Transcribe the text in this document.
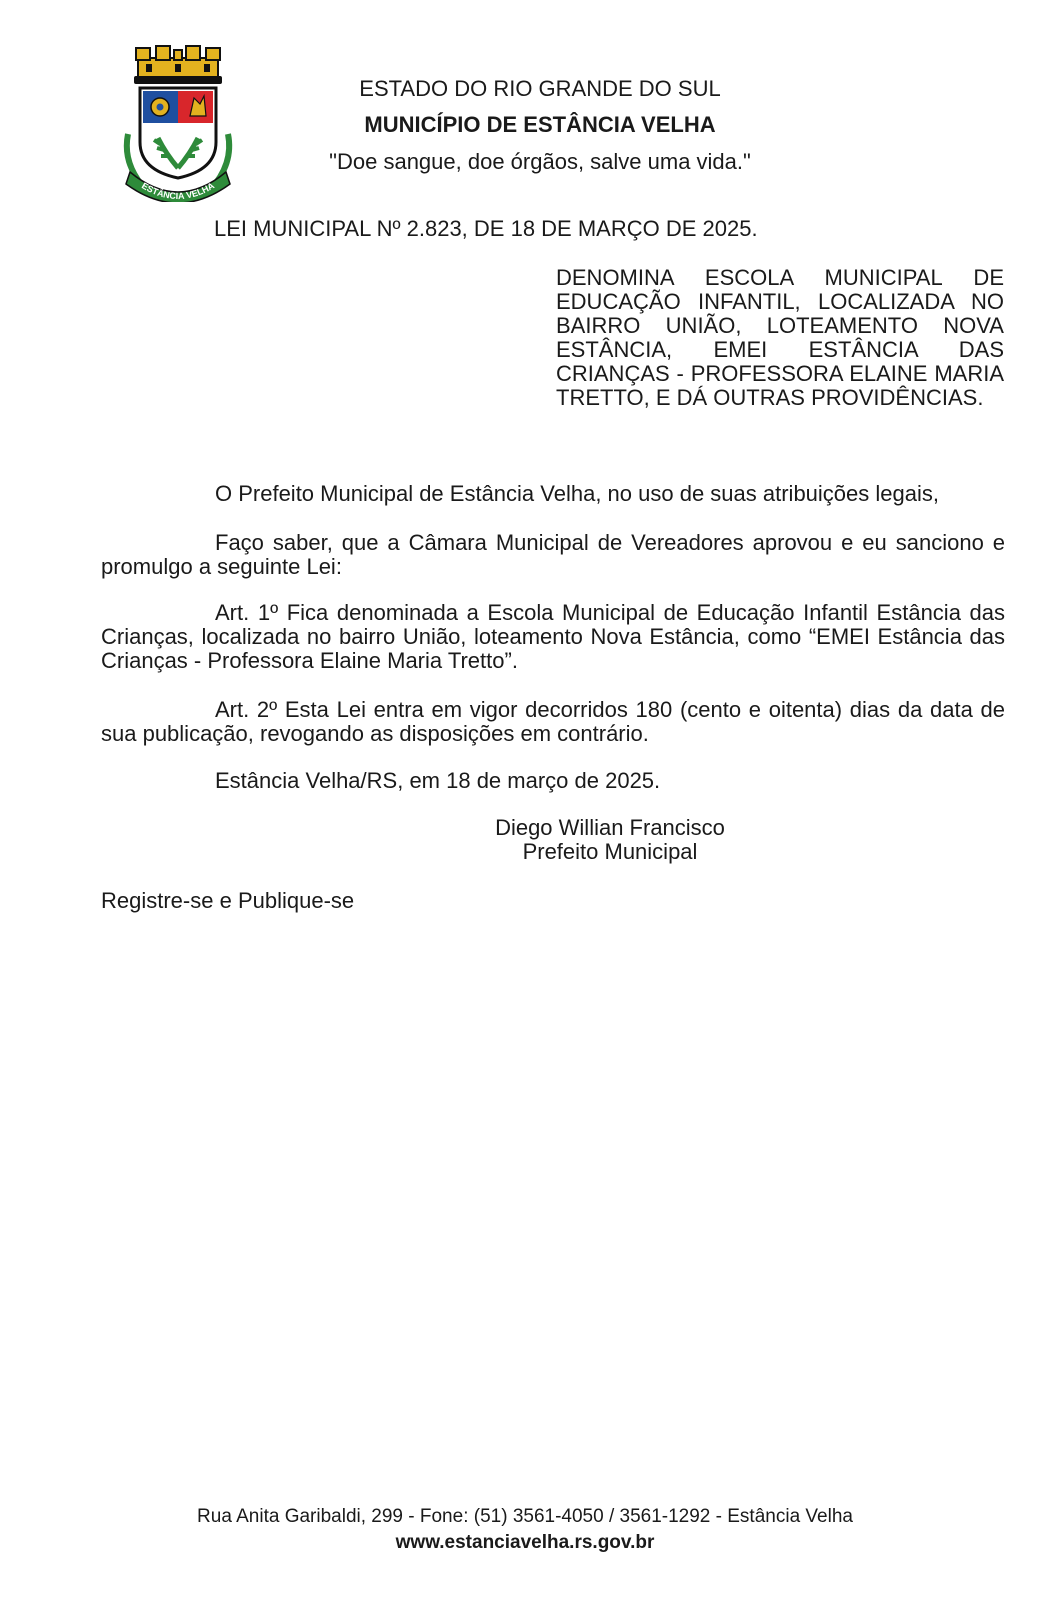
ESTÂNCIA VELHA
ESTADO DO RIO GRANDE DO SUL
MUNICÍPIO DE ESTÂNCIA VELHA
"Doe sangue, doe órgãos, salve uma vida."
LEI MUNICIPAL Nº 2.823, DE 18 DE MARÇO DE 2025.
DENOMINA ESCOLA MUNICIPAL DE EDUCAÇÃO INFANTIL, LOCALIZADA NO BAIRRO UNIÃO, LOTEAMENTO NOVA ESTÂNCIA, EMEI ESTÂNCIA DAS CRIANÇAS - PROFESSORA ELAINE MARIA TRETTO, E DÁ OUTRAS PROVIDÊNCIAS.

O Prefeito Municipal de Estância Velha, no uso de suas atribuições legais,

Faço saber, que a Câmara Municipal de Vereadores aprovou e eu sanciono e promulgo a seguinte Lei:

Art. 1º Fica denominada a Escola Municipal de Educação Infantil Estância das Crianças, localizada no bairro União, loteamento Nova Estância, como “EMEI Estância das Crianças - Professora Elaine Maria Tretto”.

Art. 2º Esta Lei entra em vigor decorridos 180 (cento e oitenta) dias da data de sua publicação, revogando as disposições em contrário.

Estância Velha/RS, em 18 de março de 2025.

Diego Willian Francisco
Prefeito Municipal
Registre-se e Publique-se
Rua Anita Garibaldi, 299 - Fone: (51) 3561-4050 / 3561-1292 - Estância Velha
www.estanciavelha.rs.gov.br
